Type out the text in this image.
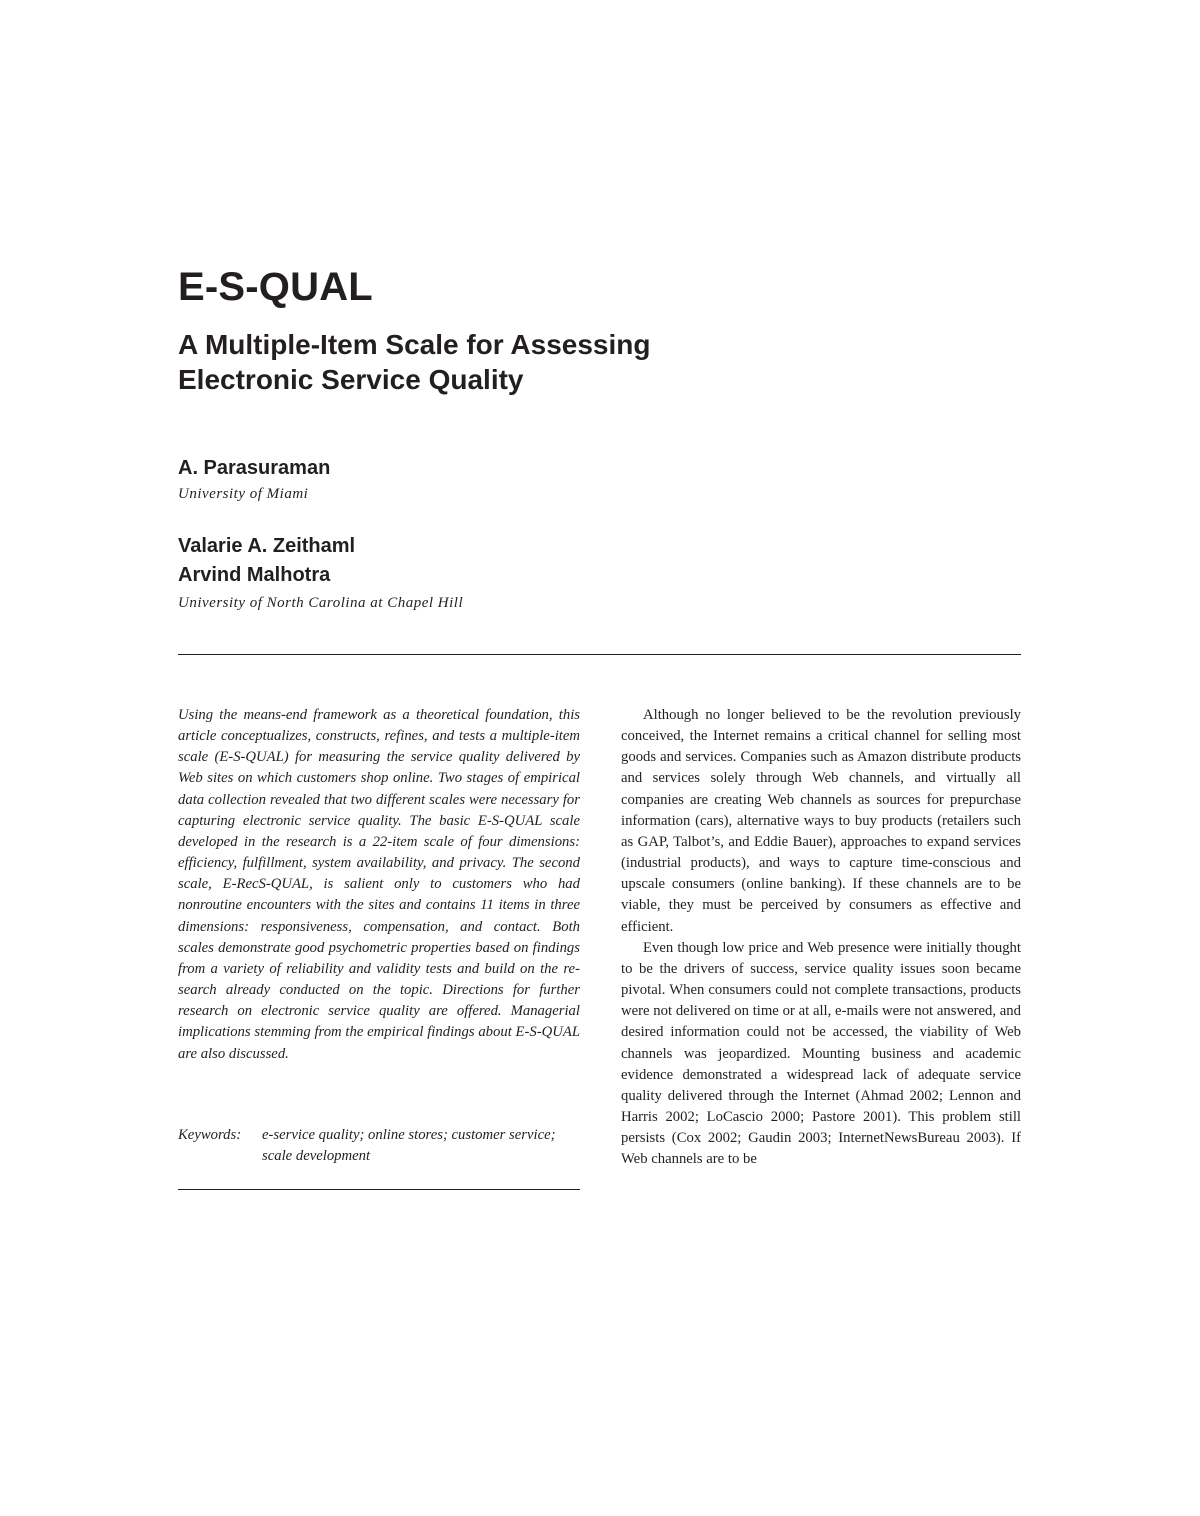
E-S-QUAL
A Multiple-Item Scale for Assessing
Electronic Service Quality
A. Parasuraman
University of Miami
Valarie A. Zeithaml
Arvind Malhotra
University of North Carolina at Chapel Hill

Using the means-end framework as a theoretical foundation, this article conceptualizes, constructs, refines, and tests a multiple-item scale (E-S-QUAL) for measuring the service quality delivered by Web sites on which customers shop online. Two stages of empirical data collection revealed that two different scales were necessary for capturing electronic service quality. The basic E-S-QUAL scale developed in the research is a 22-item scale of four dimensions: efficiency, fulfillment, system availability, and privacy. The second scale, E-RecS-QUAL, is salient only to customers who had nonroutine encounters with the sites and contains 11 items in three dimensions: responsiveness, compensation, and contact. Both scales demonstrate good psychometric properties based on findings from a variety of reliability and validity tests and build on the research already conducted on the topic. Directions for further research on electronic service quality are offered. Managerial implications stemming from the empirical findings about E-S-QUAL are also discussed.

Keywords:	e-service quality; online stores; customer service; scale development

Although no longer believed to be the revolution previously conceived, the Internet remains a critical channel for selling most goods and services. Companies such as Amazon distribute products and services solely through Web channels, and virtually all companies are creating Web channels as sources for prepurchase information (cars), alternative ways to buy products (retailers such as GAP, Talbot’s, and Eddie Bauer), approaches to expand services (industrial products), and ways to capture time-conscious and upscale consumers (online banking). If these channels are to be viable, they must be perceived by consumers as effective and efficient.

Even though low price and Web presence were initially thought to be the drivers of success, service quality issues soon became pivotal. When consumers could not complete transactions, products were not delivered on time or at all, e-mails were not answered, and desired information could not be accessed, the viability of Web channels was jeopardized. Mounting business and academic evidence demonstrated a widespread lack of adequate service quality delivered through the Internet (Ahmad 2002; Lennon and Harris 2002; LoCascio 2000; Pastore 2001). This problem still persists (Cox 2002; Gaudin 2003; InternetNewsBureau 2003). If Web channels are to be
